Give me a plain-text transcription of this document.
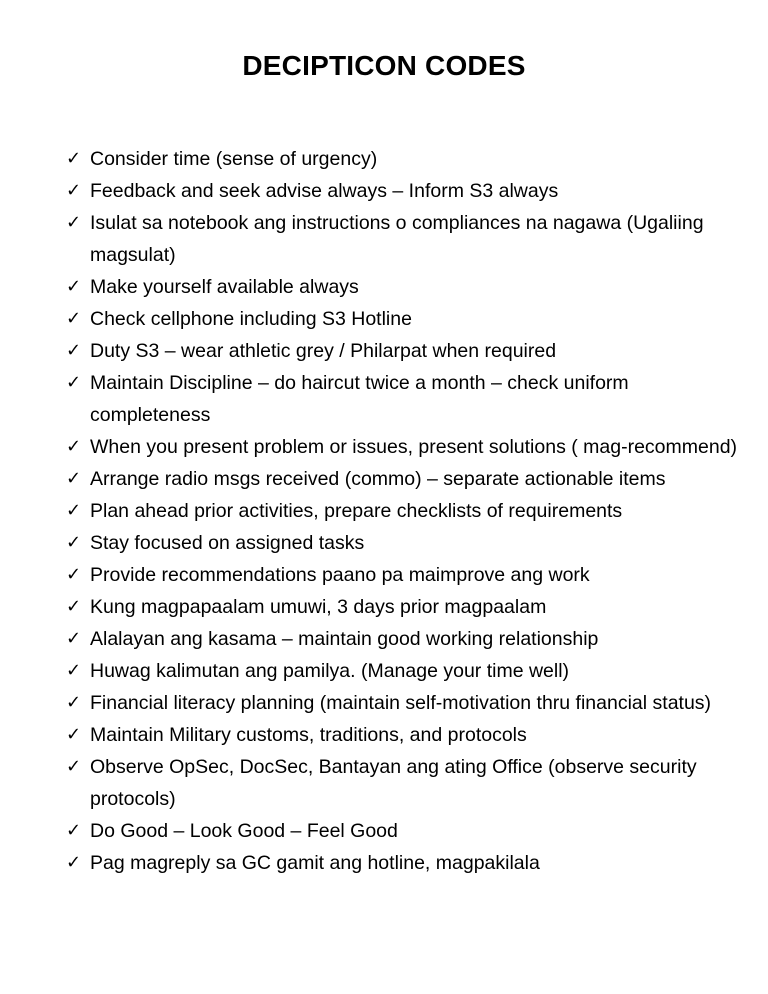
DECIPTICON CODES
✓ Consider time (sense of urgency)
✓ Feedback and seek advise always – Inform S3 always
✓ Isulat sa notebook ang instructions o compliances na nagawa (Ugaliing magsulat)
✓ Make yourself available always
✓ Check cellphone including S3 Hotline
✓ Duty S3 – wear athletic grey / Philarpat when required
✓ Maintain Discipline – do haircut twice a month – check uniform completeness
✓ When you present problem or issues, present solutions ( mag-recommend)
✓ Arrange radio msgs received (commo) – separate actionable items
✓ Plan ahead prior activities, prepare checklists of requirements
✓ Stay focused on assigned tasks
✓ Provide recommendations paano pa maimprove ang work
✓ Kung magpapaalam umuwi, 3 days prior magpaalam
✓ Alalayan ang kasama – maintain good working relationship
✓ Huwag kalimutan ang pamilya. (Manage your time well)
✓ Financial literacy planning (maintain self-motivation thru financial status)
✓ Maintain Military customs, traditions, and protocols
✓ Observe OpSec, DocSec, Bantayan ang ating Office (observe security protocols)
✓ Do Good – Look Good – Feel Good
✓ Pag magreply sa GC gamit ang hotline, magpakilala
